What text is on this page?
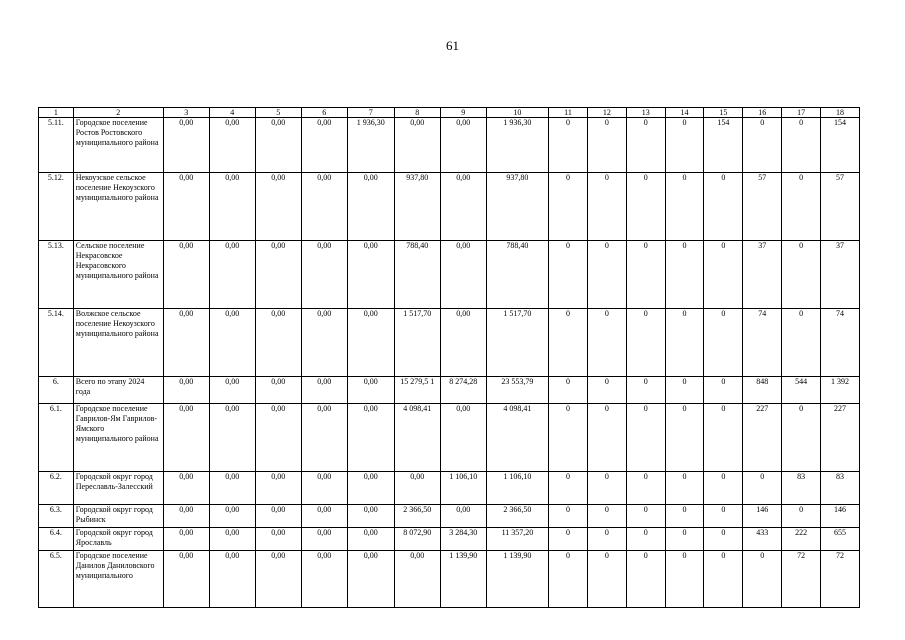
61
1	2	3	4	5	6	7	8	9	10	11	12	13	14	15	16	17	18
5.11.	Городское поселение Ростов Ростовского муниципального района	0,00	0,00	0,00	0,00	1 936,30	0,00	0,00	1 936,30	0	0	0	0	154	0	0	154
5.12.	Некоузское сельское поселение Некоузского муниципального района	0,00	0,00	0,00	0,00	0,00	937,80	0,00	937,80	0	0	0	0	0	57	0	57
5.13.	Сельское поселение Некрасовское Некрасовского муниципального района	0,00	0,00	0,00	0,00	0,00	788,40	0,00	788,40	0	0	0	0	0	37	0	37
5.14.	Волжское сельское поселение Некоузского муниципального района	0,00	0,00	0,00	0,00	0,00	1 517,70	0,00	1 517,70	0	0	0	0	0	74	0	74
6.	Всего по этапу 2024 года	0,00	0,00	0,00	0,00	0,00	15 279,5 1	8 274,28	23 553,79	0	0	0	0	0	848	544	1 392
6.1.	Городское поселение Гаврилов-Ям Гаврилов-Ямского муниципального района	0,00	0,00	0,00	0,00	0,00	4 098,41	0,00	4 098,41	0	0	0	0	0	227	0	227
6.2.	Городской округ город Переславль-Залесский	0,00	0,00	0,00	0,00	0,00	0,00	1 106,10	1 106,10	0	0	0	0	0	0	83	83
6.3.	Городской округ город Рыбинск	0,00	0,00	0,00	0,00	0,00	2 366,50	0,00	2 366,50	0	0	0	0	0	146	0	146
6.4.	Городской округ город Ярославль	0,00	0,00	0,00	0,00	0,00	8 072,90	3 284,30	11 357,20	0	0	0	0	0	433	222	655
6.5.	Городское поселение Данилов Даниловского муниципального	0,00	0,00	0,00	0,00	0,00	0,00	1 139,90	1 139,90	0	0	0	0	0	0	72	72
